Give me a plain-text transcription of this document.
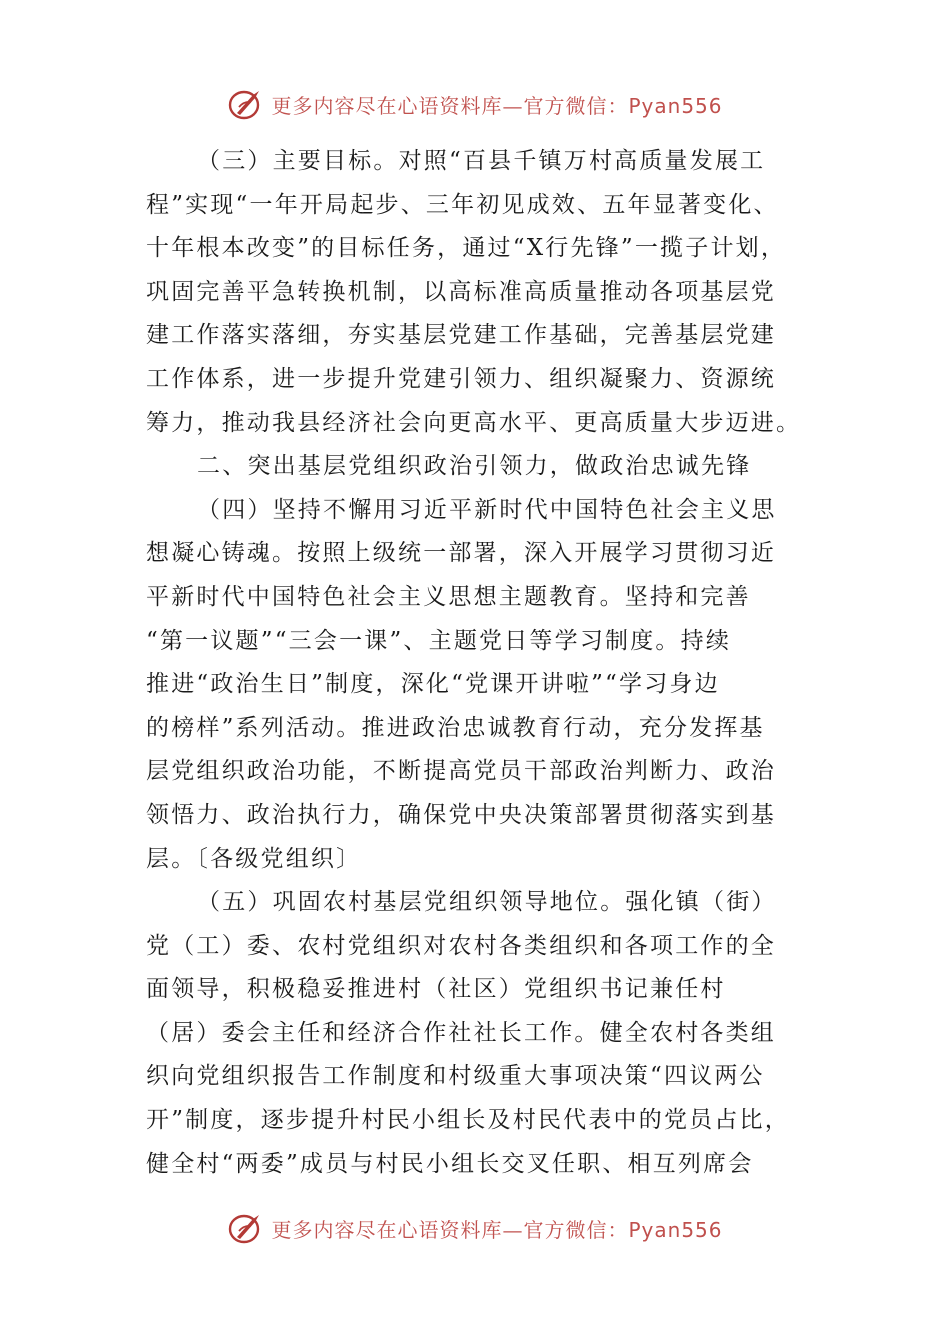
更多内容尽在心语资料库—官方微信：Pyan556
（三）主要目标。对照“百县千镇万村高质量发展工
程”实现“一年开局起步、三年初见成效、五年显著变化、
十年根本改变”的目标任务，通过“X行先锋”一揽子计划，
巩固完善平急转换机制，以高标准高质量推动各项基层党
建工作落实落细，夯实基层党建工作基础，完善基层党建
工作体系，进一步提升党建引领力、组织凝聚力、资源统
筹力，推动我县经济社会向更高水平、更高质量大步迈进。
二、突出基层党组织政治引领力，做政治忠诚先锋
（四）坚持不懈用习近平新时代中国特色社会主义思
想凝心铸魂。按照上级统一部署，深入开展学习贯彻习近
平新时代中国特色社会主义思想主题教育。坚持和完善
“第一议题”“三会一课”、主题党日等学习制度。持续
推进“政治生日”制度，深化“党课开讲啦”“学习身边
的榜样”系列活动。推进政治忠诚教育行动，充分发挥基
层党组织政治功能，不断提高党员干部政治判断力、政治
领悟力、政治执行力，确保党中央决策部署贯彻落实到基
层。〔各级党组织〕
（五）巩固农村基层党组织领导地位。强化镇（街）
党（工）委、农村党组织对农村各类组织和各项工作的全
面领导，积极稳妥推进村（社区）党组织书记兼任村
（居）委会主任和经济合作社社长工作。健全农村各类组
织向党组织报告工作制度和村级重大事项决策“四议两公
开”制度，逐步提升村民小组长及村民代表中的党员占比，
健全村“两委”成员与村民小组长交叉任职、相互列席会
更多内容尽在心语资料库—官方微信：Pyan556
